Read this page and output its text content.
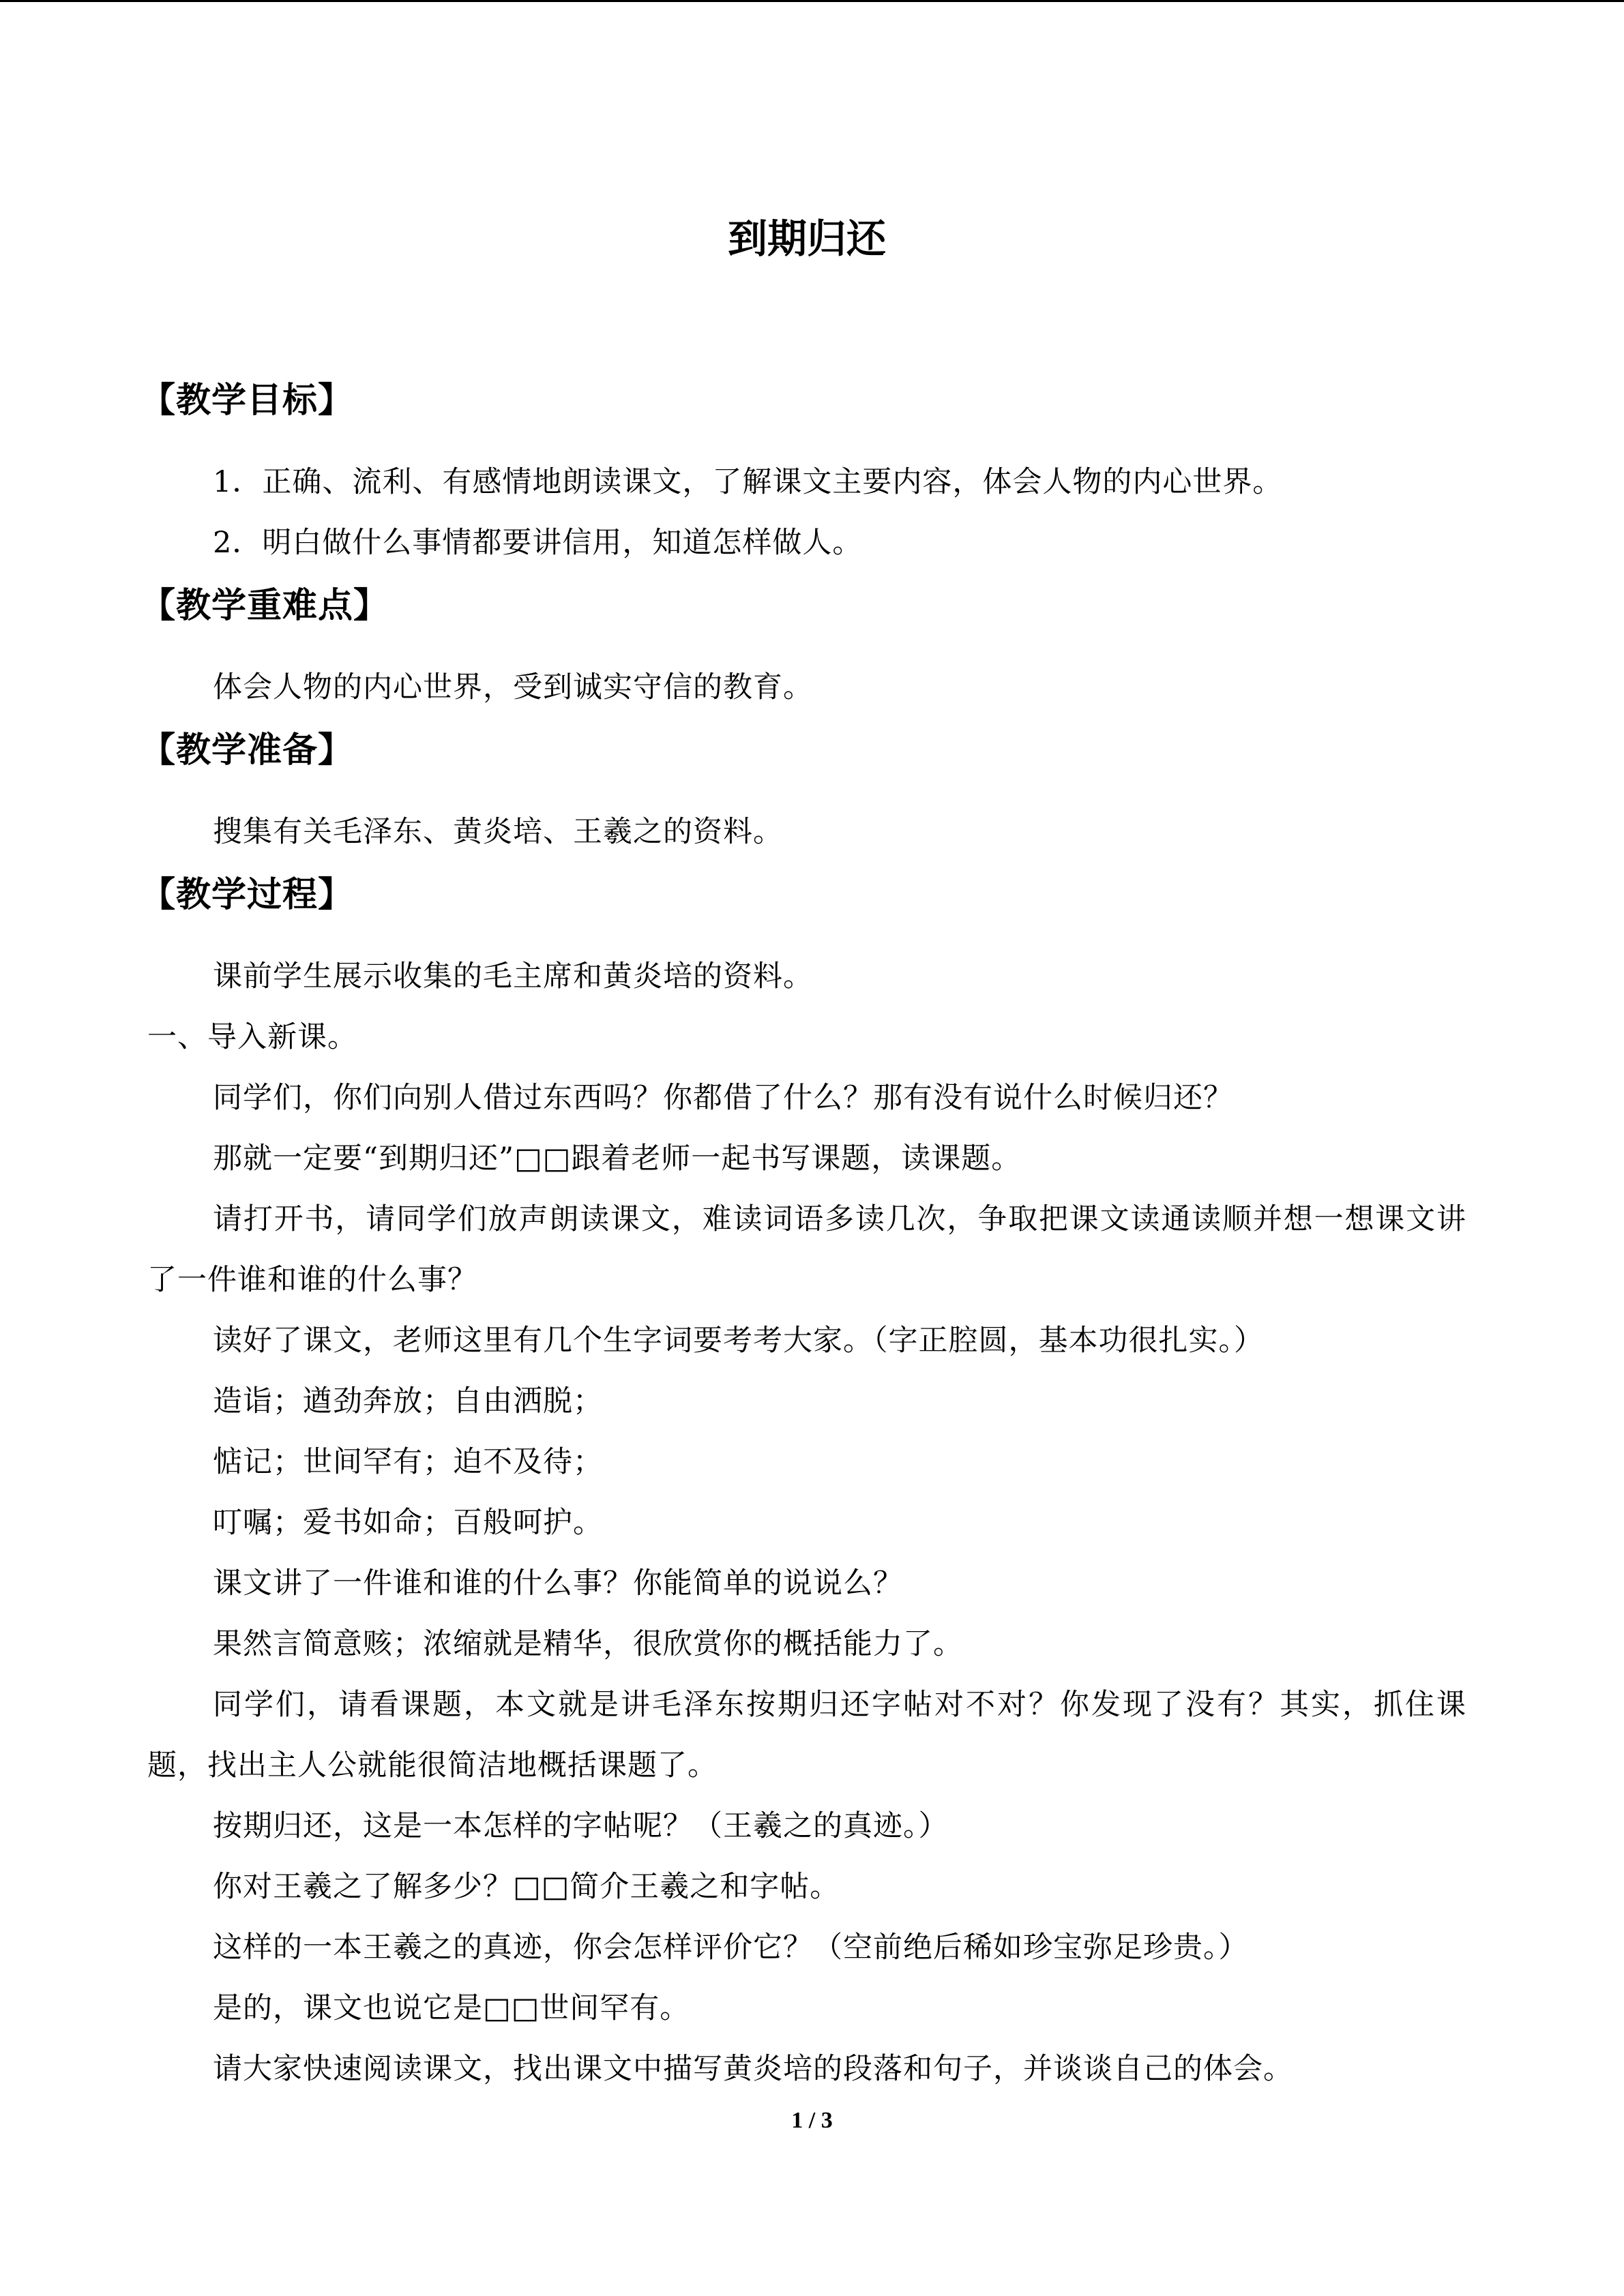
到期归还
【教学目标】

1．正确、流利、有感情地朗读课文，了解课文主要内容，体会人物的内心世界。

2．明白做什么事情都要讲信用，知道怎样做人。

【教学重难点】

体会人物的内心世界，受到诚实守信的教育。

【教学准备】

搜集有关毛泽东、黄炎培、王羲之的资料。

【教学过程】

课前学生展示收集的毛主席和黄炎培的资料。

一、导入新课。

同学们，你们向别人借过东西吗？你都借了什么？那有没有说什么时候归还？

那就一定要“到期归还”□□跟着老师一起书写课题，读课题。

请打开书，请同学们放声朗读课文，难读词语多读几次，争取把课文读通读顺并想一想课文讲了一件谁和谁的什么事？

读好了课文，老师这里有几个生字词要考考大家。（字正腔圆，基本功很扎实。）

造诣；遒劲奔放；自由洒脱；

惦记；世间罕有；迫不及待；

叮嘱；爱书如命；百般呵护。

课文讲了一件谁和谁的什么事？你能简单的说说么？

果然言简意赅；浓缩就是精华，很欣赏你的概括能力了。

同学们，请看课题，本文就是讲毛泽东按期归还字帖对不对？你发现了没有？其实，抓住课题，找出主人公就能很简洁地概括课题了。

按期归还，这是一本怎样的字帖呢？（王羲之的真迹。）

你对王羲之了解多少？□□简介王羲之和字帖。

这样的一本王羲之的真迹，你会怎样评价它？（空前绝后稀如珍宝弥足珍贵。）

是的，课文也说它是□□世间罕有。

请大家快速阅读课文，找出课文中描写黄炎培的段落和句子，并谈谈自己的体会。

1 / 3
